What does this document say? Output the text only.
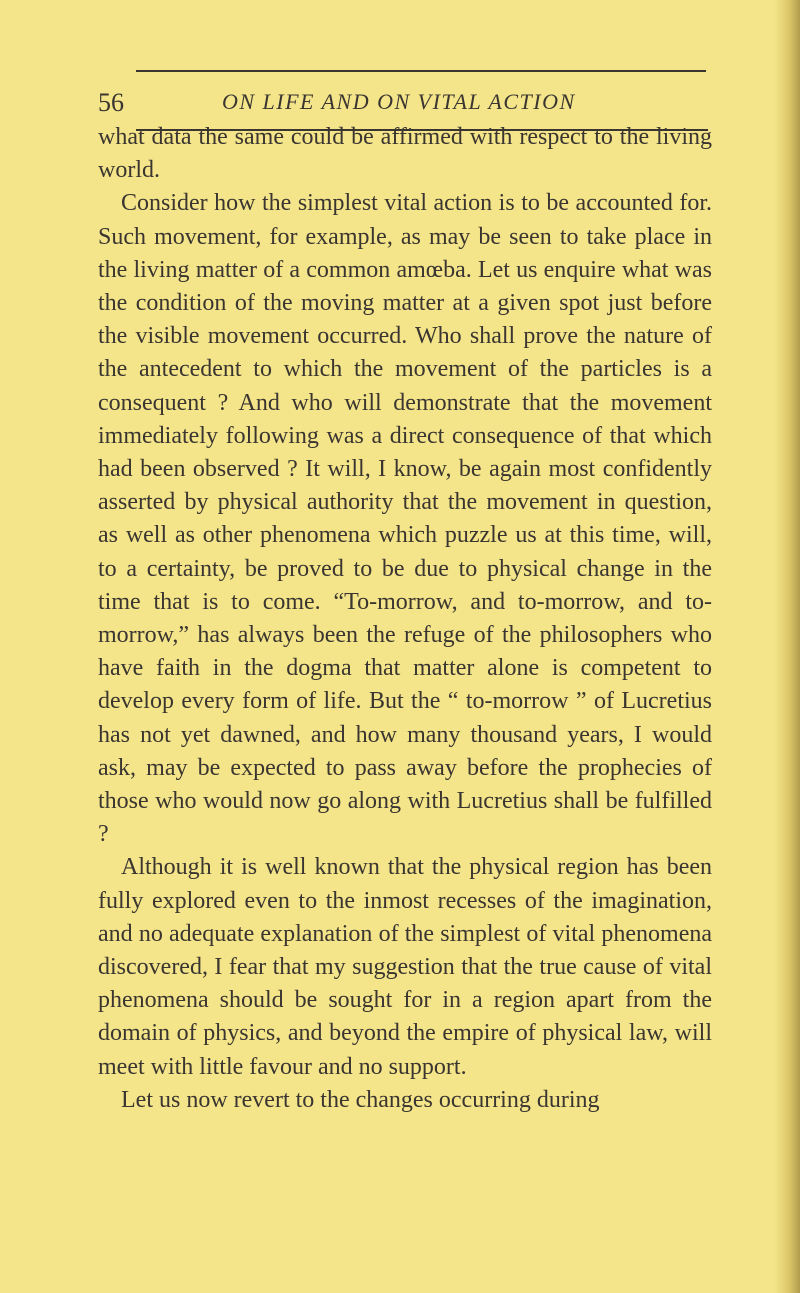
56	ON LIFE AND ON VITAL ACTION

what data the same could be affirmed with respect to the living world.

Consider how the simplest vital action is to be accounted for. Such movement, for example, as may be seen to take place in the living matter of a common amœba. Let us enquire what was the condition of the moving matter at a given spot just before the visible movement occurred. Who shall prove the nature of the antecedent to which the movement of the particles is a consequent ? And who will demonstrate that the movement immediately following was a direct consequence of that which had been observed ? It will, I know, be again most confidently asserted by physical authority that the movement in question, as well as other phenomena which puzzle us at this time, will, to a certainty, be proved to be due to physical change in the time that is to come. “To-morrow, and to-morrow, and to-morrow,” has always been the refuge of the philosophers who have faith in the dogma that matter alone is competent to develop every form of life. But the “ to-morrow ” of Lucretius has not yet dawned, and how many thousand years, I would ask, may be expected to pass away before the prophecies of those who would now go along with Lucretius shall be fulfilled ?

Although it is well known that the physical region has been fully explored even to the inmost recesses of the imagination, and no adequate explanation of the simplest of vital phenomena discovered, I fear that my suggestion that the true cause of vital phenomena should be sought for in a region apart from the domain of physics, and beyond the empire of physical law, will meet with little favour and no support.

Let us now revert to the changes occurring during
